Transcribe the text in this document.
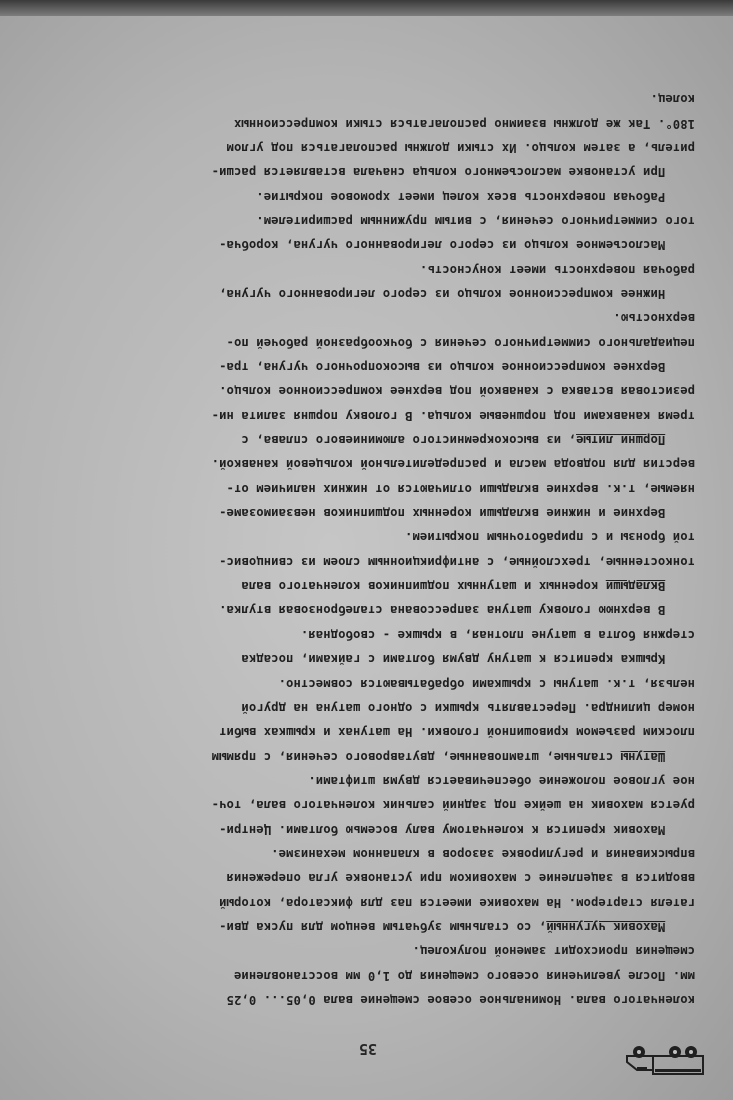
35
коленчатого вала. Номинальное осевое смещение вала 0,05... 0,25
мм. После увеличения осевого смещения до 1,0 мм восстановление
смещения происходит заменой полуколец.
Маховик чугунный, со стальным зубчатым венцом для пуска дви-
гателя стартером. На маховике имеется паз для фиксатора, который
вводится в зацепление с маховиком при установке угла опережения
впрыскивания и регулировке зазоров в клапанном механизме.
Маховик крепится к коленчатому валу восемью болтами. Центри-
руется маховик на шейке под задний сальник коленчатого вала, точ-
ное угловое положение обеспечивается двумя штифтами.
Шатуны стальные, штампованные, двутаврового сечения, с прямым
плоским разъемом кривошипной головки. На шатунах и крышках выбит
номер цилиндра. Переставлять крышки с одного шатуна на другой
нельзя, т.к. шатуны с крышками обрабатываются совместно.
Крышка крепится к шатуну двумя болтами с гайками, посадка
стержня болта в шатуне плотная, в крышке - свободная.
В верхнюю головку шатуна запрессована сталебронзовая втулка.
Вкладыши коренных и шатунных подшипников коленчатого вала
тонкостенные, трехслойные, с антифрикционным слоем из свинцовис-
той бронзы и с приработочным покрытием.
Верхние и нижние вкладыши коренных подшипников невзаимозаме-
няемые, т.к. верхние вкладыши отличаются от нижних наличием от-
верстия для подвода масла и распределительной кольцевой канавкой.
Поршни литые, из высококремнистого алюминиевого сплава, с
тремя канавками под поршневые кольца. В головку поршня залита ни-
резистовая вставка с канавкой под верхнее компрессионное кольцо.
Верхнее компрессионное кольцо из высокопрочного чугуна, тра-
пециадального симметричного сечения с бочкообразной рабочей по-
верхностью.
Нижнее компрессионное кольцо из серого легированного чугуна,
рабочая поверхность имеет конусность.
Маслосъемное кольцо из серого легированного чугуна, коробча-
того симметричного сечения, с витым пружинным расширителем.
Рабочая поверхность всех колец имеет хромовое покрытие.
При установке маслосъемного кольца сначала вставляется расши-
ритель, а затем кольцо. Их стыки должны располагаться под углом
180°. Так же должны взаимно располагаться стыки компрессионных
колец.
